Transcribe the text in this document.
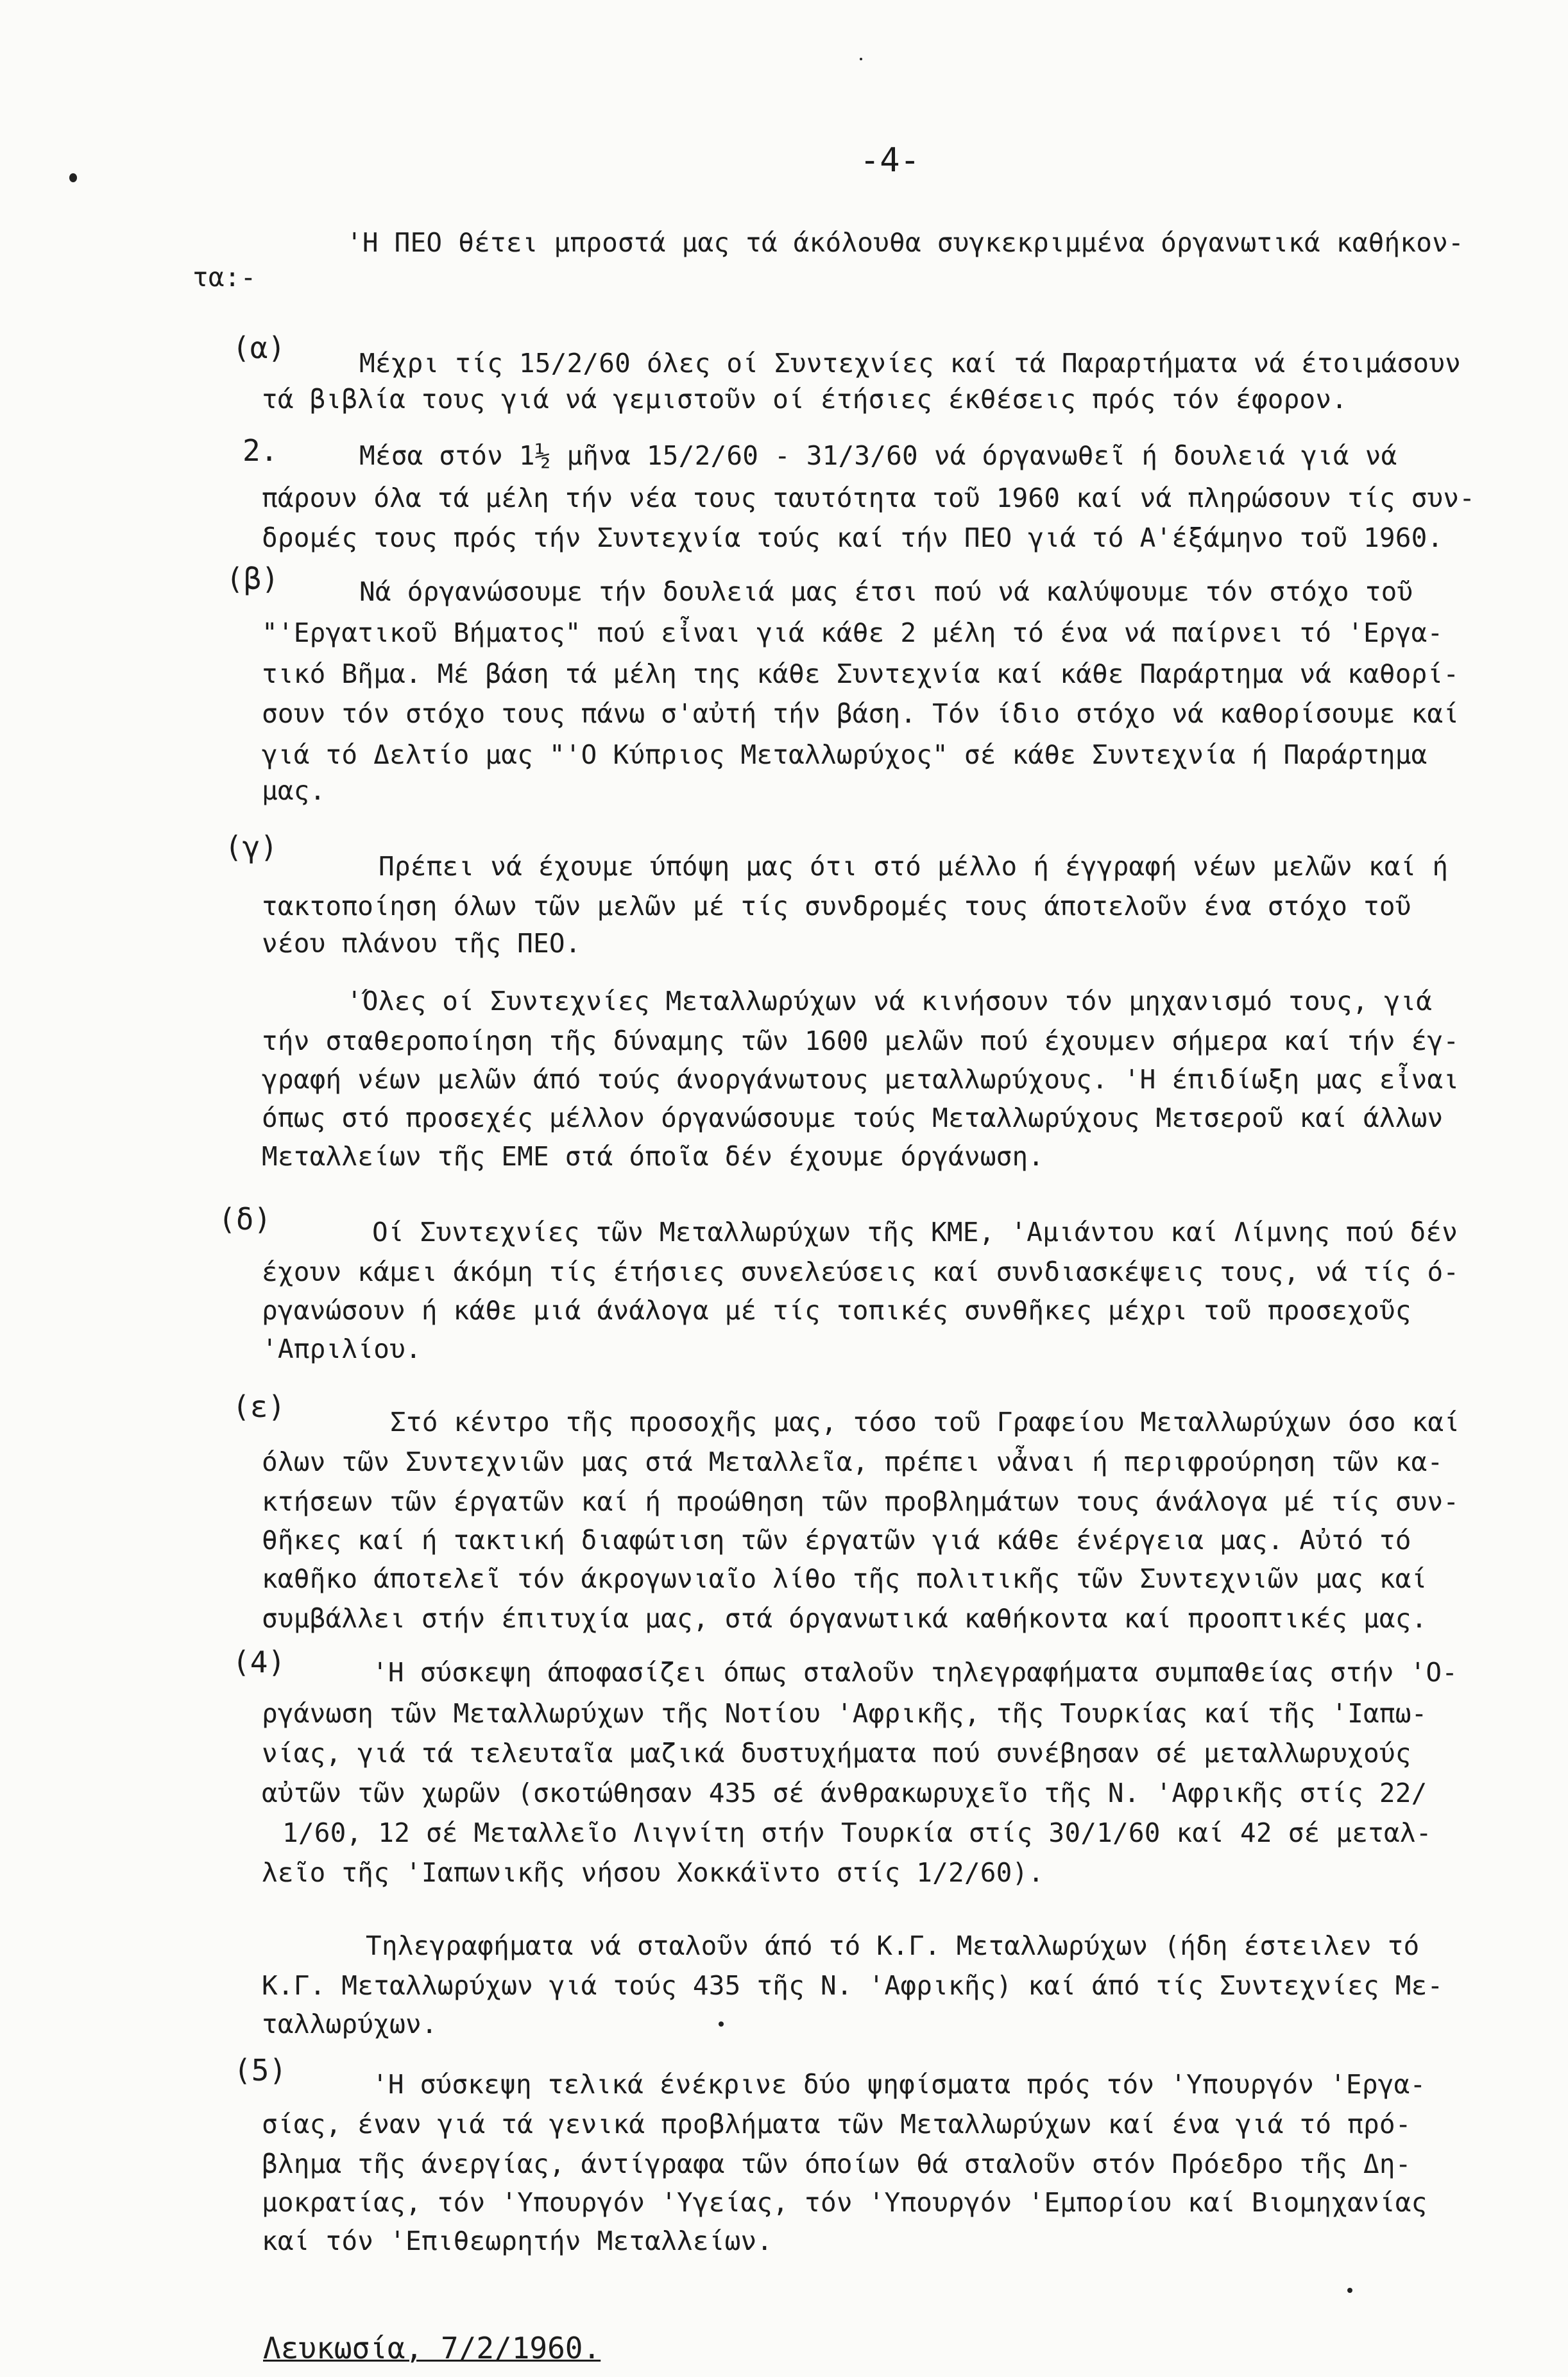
-4-
'Η ΠΕΟ θέτει μπροστά μας τά άκόλουθα συγκεκριμμένα όργανωτικά καθήκον-
τα:-
(α)	Μέχρι τίς 15/2/60 όλες οί Συντεχνίες καί τά Παραρτήματα νά έτοιμάσουν
τά βιβλία τους γιά νά γεμιστοῦν οί έτήσιες έκθέσεις πρός τόν έφορον.
2.	Μέσα στόν 1½ μῆνα 15/2/60 - 31/3/60 νά όργανωθεῖ ή δουλειά γιά νά
πάρουν όλα τά μέλη τήν νέα τους ταυτότητα τοῦ 1960 καί νά πληρώσουν τίς συν-
δρομές τους πρός τήν Συντεχνία τούς καί τήν ΠΕΟ γιά τό Α'έξάμηνο τοῦ 1960.
(β)	Νά όργανώσουμε τήν δουλειά μας έτσι πού νά καλύψουμε τόν στόχο τοῦ
"'Εργατικοῦ Βήματος" πού εἶναι γιά κάθε 2 μέλη τό ένα νά παίρνει τό 'Εργα-
τικό Βῆμα. Μέ βάση τά μέλη της κάθε Συντεχνία καί κάθε Παράρτημα νά καθορί-
σουν τόν στόχο τους πάνω σ'αὐτή τήν βάση. Τόν ίδιο στόχο νά καθορίσουμε καί
γιά τό Δελτίο μας "'Ο Κύπριος Μεταλλωρύχος" σέ κάθε Συντεχνία ή Παράρτημα
μας.
(γ)
Πρέπει νά έχουμε ύπόψη μας ότι στό μέλλο ή έγγραφή νέων μελῶν καί ή
τακτοποίηση όλων τῶν μελῶν μέ τίς συνδρομές τους άποτελοῦν ένα στόχο τοῦ
νέου πλάνου τῆς ΠΕΟ.
'Όλες οί Συντεχνίες Μεταλλωρύχων νά κινήσουν τόν μηχανισμό τους, γιά
τήν σταθεροποίηση τῆς δύναμης τῶν 1600 μελῶν πού έχουμεν σήμερα καί τήν έγ-
γραφή νέων μελῶν άπό τούς άνοργάνωτους μεταλλωρύχους. 'Η έπιδίωξη μας εἶναι
όπως στό προσεχές μέλλον όργανώσουμε τούς Μεταλλωρύχους Μετσεροῦ καί άλλων
Μεταλλείων τῆς ΕΜΕ στά όποῖα δέν έχουμε όργάνωση.
(δ)	Οί Συντεχνίες τῶν Μεταλλωρύχων τῆς ΚΜΕ, 'Αμιάντου καί Λίμνης πού δέν
έχουν κάμει άκόμη τίς έτήσιες συνελεύσεις καί συνδιασκέψεις τους, νά τίς ό-
ργανώσουν ή κάθε μιά άνάλογα μέ τίς τοπικές συνθῆκες μέχρι τοῦ προσεχοῦς
'Απριλίου.
(ε)	Στό κέντρο τῆς προσοχῆς μας, τόσο τοῦ Γραφείου Μεταλλωρύχων όσο καί
όλων τῶν Συντεχνιῶν μας στά Μεταλλεῖα, πρέπει νἆναι ή περιφρούρηση τῶν κα-
κτήσεων τῶν έργατῶν καί ή προώθηση τῶν προβλημάτων τους άνάλογα μέ τίς συν-
θῆκες καί ή τακτική διαφώτιση τῶν έργατῶν γιά κάθε ένέργεια μας. Αὐτό τό
καθῆκο άποτελεῖ τόν άκρογωνιαῖο λίθο τῆς πολιτικῆς τῶν Συντεχνιῶν μας καί
συμβάλλει στήν έπιτυχία μας, στά όργανωτικά καθήκοντα καί προοπτικές μας.
(4)	'Η σύσκεψη άποφασίζει όπως σταλοῦν τηλεγραφήματα συμπαθείας στήν 'Ο-
ργάνωση τῶν Μεταλλωρύχων τῆς Νοτίου 'Αφρικῆς, τῆς Τουρκίας καί τῆς 'Ιαπω-
νίας, γιά τά τελευταῖα μαζικά δυστυχήματα πού συνέβησαν σέ μεταλλωρυχούς
αὐτῶν τῶν χωρῶν (σκοτώθησαν 435 σέ άνθρακωρυχεῖο τῆς Ν. 'Αφρικῆς στίς 22/
1/60, 12 σέ Μεταλλεῖο Λιγνίτη στήν Τουρκία στίς 30/1/60 καί 42 σέ μεταλ-
λεῖο τῆς 'Ιαπωνικῆς νήσου Χοκκάϊντο στίς 1/2/60).
Τηλεγραφήματα νά σταλοῦν άπό τό Κ.Γ. Μεταλλωρύχων (ήδη έστειλεν τό
Κ.Γ. Μεταλλωρύχων γιά τούς 435 τῆς Ν. 'Αφρικῆς) καί άπό τίς Συντεχνίες Με-
ταλλωρύχων.
(5)	'Η σύσκεψη τελικά ένέκρινε δύο ψηφίσματα πρός τόν 'Υπουργόν 'Εργα-
σίας, έναν γιά τά γενικά προβλήματα τῶν Μεταλλωρύχων καί ένα γιά τό πρό-
βλημα τῆς άνεργίας, άντίγραφα τῶν όποίων θά σταλοῦν στόν Πρόεδρο τῆς Δη-
μοκρατίας, τόν 'Υπουργόν 'Υγείας, τόν 'Υπουργόν 'Εμπορίου καί Βιομηχανίας
καί τόν 'Επιθεωρητήν Μεταλλείων.
Λευκωσία, 7/2/1960.
